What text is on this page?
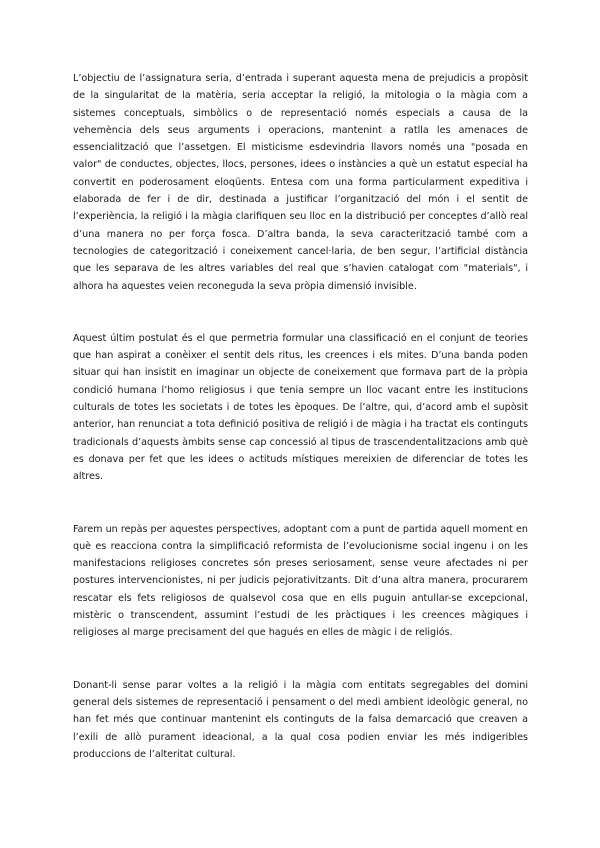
L’objectiu de l’assignatura seria, d’entrada i superant aquesta mena de prejudicis a propòsit de la singularitat de la matèria, seria acceptar la religió, la mitologia o la màgia com a sistemes conceptuals, simbòlics o de representació només especials a causa de la vehemència dels seus arguments i operacions, mantenint a ratlla les amenaces de essencialització que l’assetgen. El misticisme esdevindria llavors només una "posada en valor" de conductes, objectes, llocs, persones, idees o instàncies a què un estatut especial ha convertit en poderosament eloqüents. Entesa com una forma particularment expeditiva i elaborada de fer i de dir, destinada a justificar l’organització del món i el sentit de l’experiència, la religió i la màgia clarifiquen seu lloc en la distribució per conceptes d’allò real d’una manera no per força fosca. D’altra banda, la seva caracterització també com a tecnologies de categorització i coneixement cancel·laria, de ben segur, l’artificial distància que les separava de les altres variables del real que s’havien catalogat com "materials", i alhora ha aquestes veien reconeguda la seva pròpia dimensió invisible.

Aquest últim postulat és el que permetria formular una classificació en el conjunt de teories que han aspirat a conèixer el sentit dels ritus, les creences i els mites. D’una banda poden situar qui han insistit en imaginar un objecte de coneixement que formava part de la pròpia condició humana l’homo religiosus i que tenia sempre un lloc vacant entre les institucions culturals de totes les societats i de totes les èpoques. De l’altre, qui, d’acord amb el supòsit anterior, han renunciat a tota definició positiva de religió i de màgia i ha tractat els continguts tradicionals d’aquests àmbits sense cap concessió al tipus de trascendentalitzacions amb què es donava per fet que les idees o actituds místiques mereixien de diferenciar de totes les altres.

Farem un repàs per aquestes perspectives, adoptant com a punt de partida aquell moment en què es reacciona contra la simplificació reformista de l’evolucionisme social ingenu i on les manifestacions religioses concretes són preses seriosament, sense veure afectades ni per postures intervencionistes, ni per judicis pejorativitzants. Dit d’una altra manera, procurarem rescatar els fets religiosos de qualsevol cosa que en ells puguin antullar-se excepcional, mistèric o transcendent, assumint l’estudi de les pràctiques i les creences màgiques i religioses al marge precisament del que hagués en elles de màgic i de religiós.

Donant-li sense parar voltes a la religió i la màgia com entitats segregables del domini general dels sistemes de representació i pensament o del medi ambient ideològic general, no han fet més que continuar mantenint els continguts de la falsa demarcació que creaven a l’exili de allò purament ideacional, a la qual cosa podien enviar les més indigeribles produccions de l’alteritat cultural.
